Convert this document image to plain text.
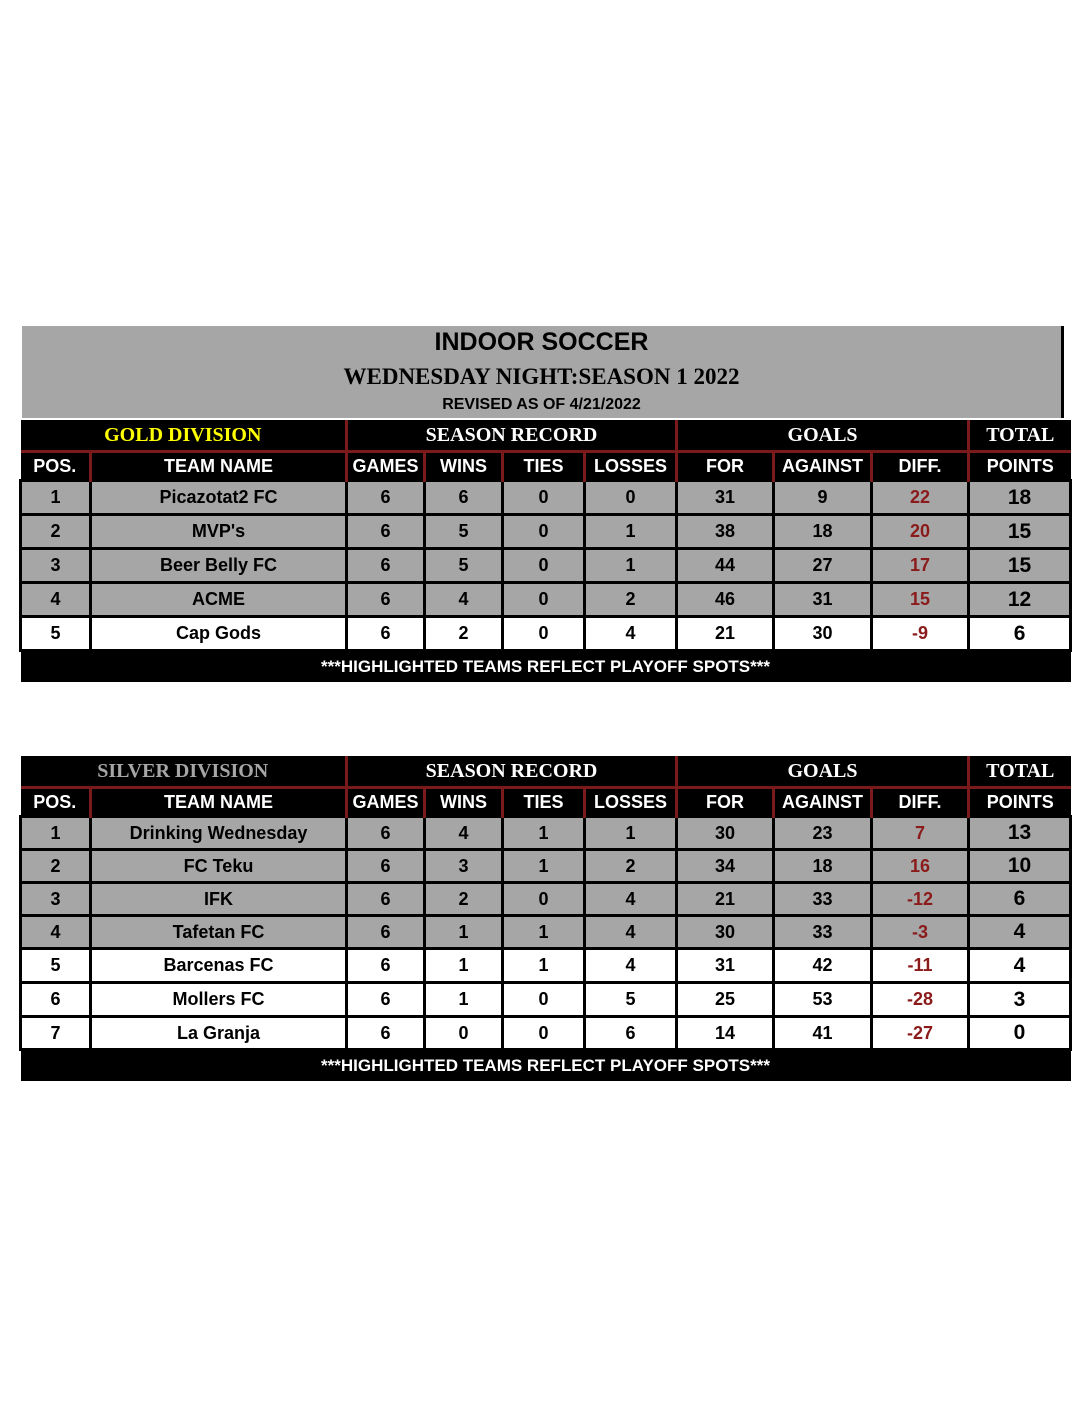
INDOOR SOCCER
WEDNESDAY NIGHT:SEASON 1 2022
REVISED AS OF 4/21/2022
GOLD DIVISION		SEASON RECORD				GOALS			TOTAL
POS.	TEAM NAME	GAMES	WINS	TIES	LOSSES	FOR	AGAINST	DIFF.	POINTS
1	Picazotat2 FC	6	6	0	0	31	9	22	18
2	MVP's	6	5	0	1	38	18	20	15
3	Beer Belly FC	6	5	0	1	44	27	17	15
4	ACME	6	4	0	2	46	31	15	12
5	Cap Gods	6	2	0	4	21	30	-9	6
***HIGHLIGHTED TEAMS REFLECT PLAYOFF SPOTS***									
SILVER DIVISION		SEASON RECORD				GOALS			TOTAL
POS.	TEAM NAME	GAMES	WINS	TIES	LOSSES	FOR	AGAINST	DIFF.	POINTS
1	Drinking Wednesday	6	4	1	1	30	23	7	13
2	FC Teku	6	3	1	2	34	18	16	10
3	IFK	6	2	0	4	21	33	-12	6
4	Tafetan FC	6	1	1	4	30	33	-3	4
5	Barcenas FC	6	1	1	4	31	42	-11	4
6	Mollers FC	6	1	0	5	25	53	-28	3
7	La Granja	6	0	0	6	14	41	-27	0
***HIGHLIGHTED TEAMS REFLECT PLAYOFF SPOTS***									
